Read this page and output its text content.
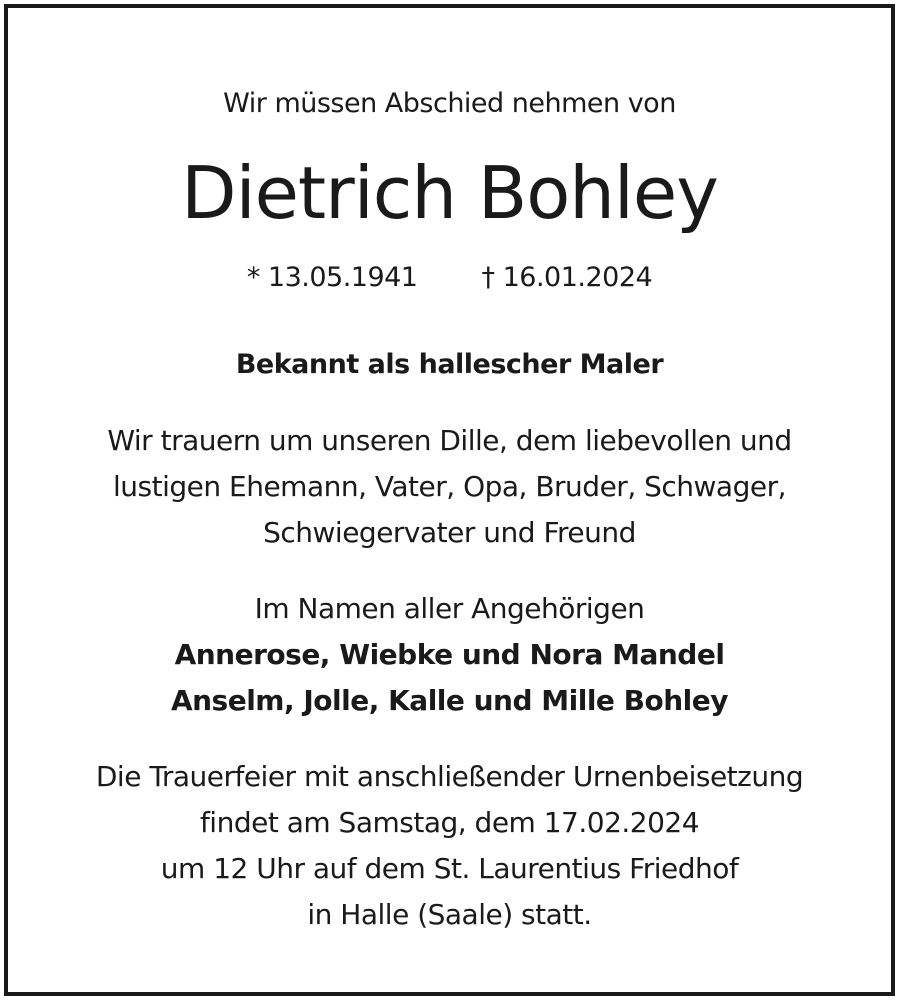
Wir müssen Abschied nehmen von
Dietrich Bohley
* 13.05.1941 † 16.01.2024
Bekannt als hallescher Maler
Wir trauern um unseren Dille, dem liebevollen und
lustigen Ehemann, Vater, Opa, Bruder, Schwager,
Schwiegervater und Freund
Im Namen aller Angehörigen
Annerose, Wiebke und Nora Mandel
Anselm, Jolle, Kalle und Mille Bohley
Die Trauerfeier mit anschließender Urnenbeisetzung
findet am Samstag, dem 17.02.2024
um 12 Uhr auf dem St. Laurentius Friedhof
in Halle (Saale) statt.
